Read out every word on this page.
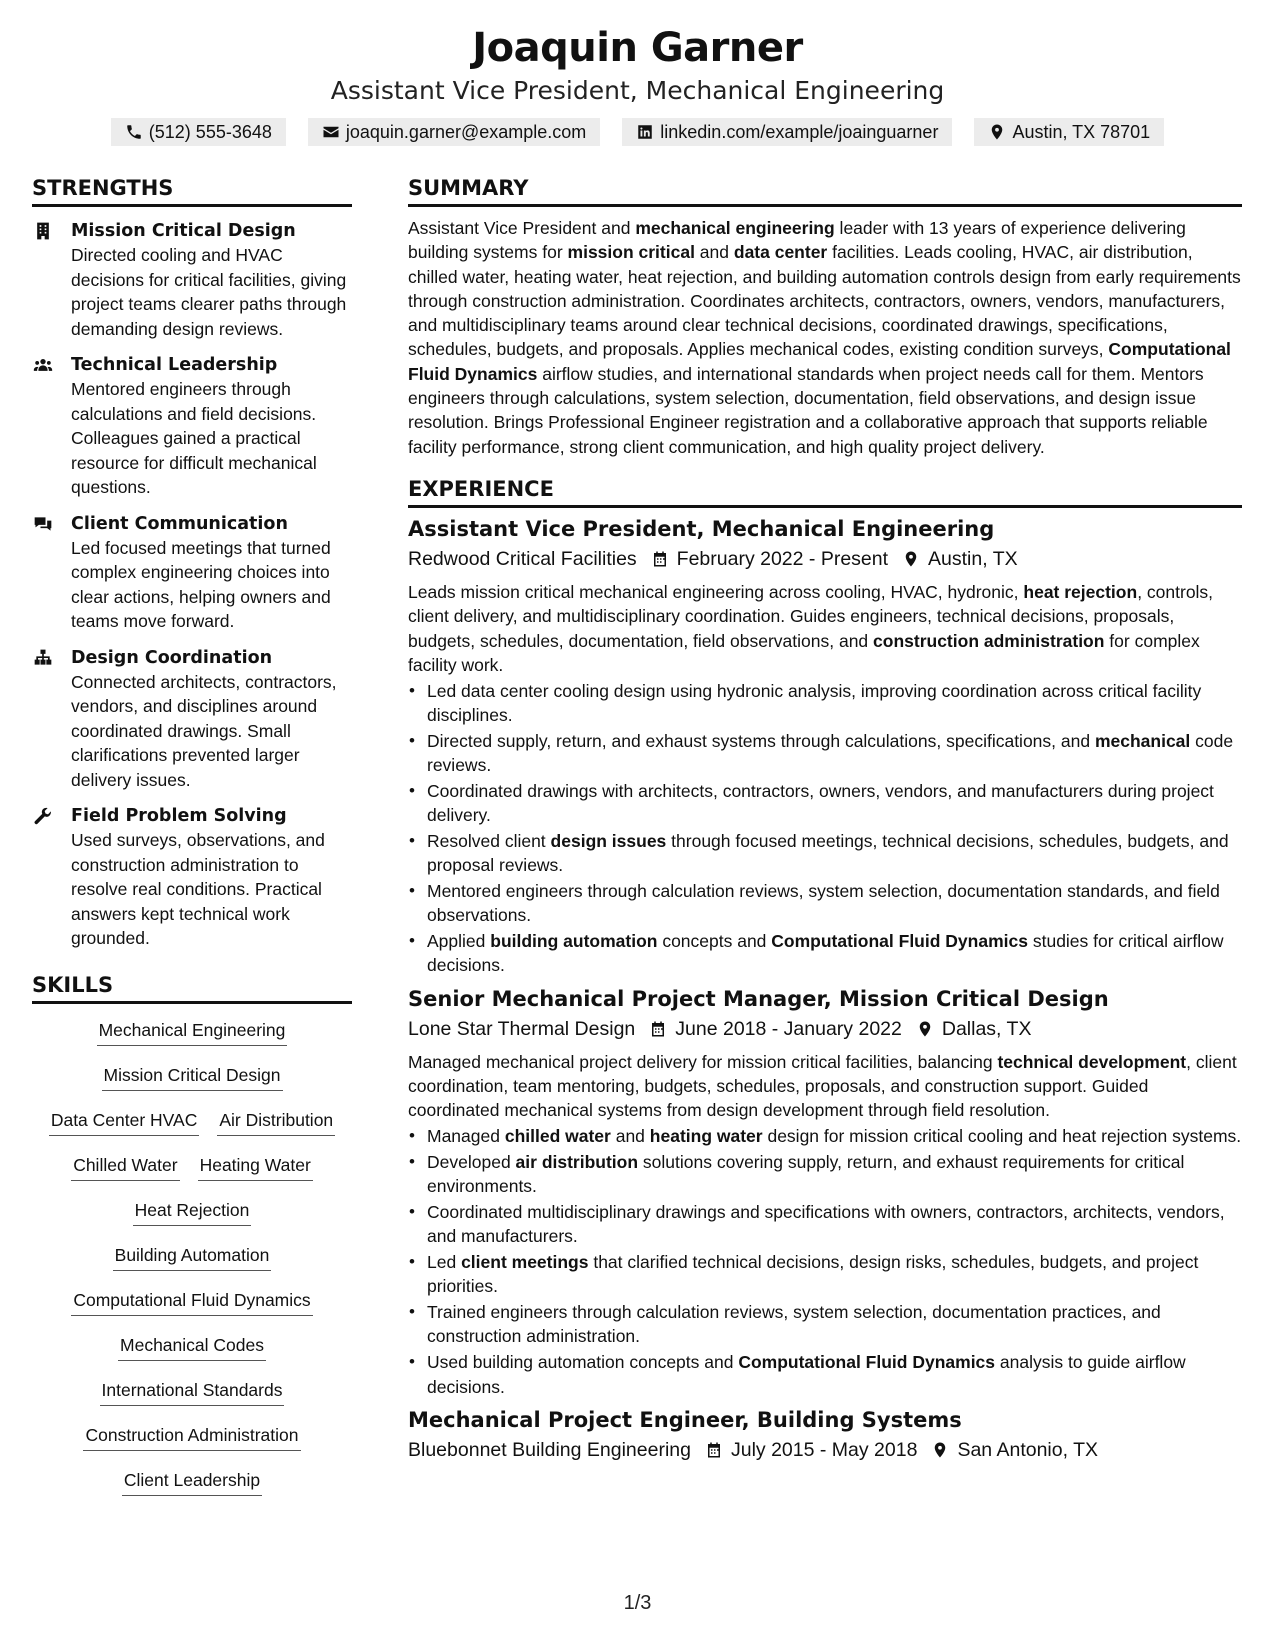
Joaquin Garner
Assistant Vice President, Mechanical Engineering
(512) 555-3648	joaquin.garner@example.com	linkedin.com/example/joainguarner	Austin, TX 78701
STRENGTHS
Mission Critical Design
Directed cooling and HVAC decisions for critical facilities, giving project teams clearer paths through demanding design reviews.
Technical Leadership
Mentored engineers through calculations and field decisions. Colleagues gained a practical resource for difficult mechanical questions.
Client Communication
Led focused meetings that turned complex engineering choices into clear actions, helping owners and teams move forward.
Design Coordination
Connected architects, contractors, vendors, and disciplines around coordinated drawings. Small clarifications prevented larger delivery issues.
Field Problem Solving
Used surveys, observations, and construction administration to resolve real conditions. Practical answers kept technical work grounded.
SKILLS
Mechanical Engineering
Mission Critical Design
Data Center HVAC Air Distribution
Chilled Water Heating Water
Heat Rejection
Building Automation
Computational Fluid Dynamics
Mechanical Codes
International Standards
Construction Administration
Client Leadership
SUMMARY
Assistant Vice President and mechanical engineering leader with 13 years of experience delivering building systems for mission critical and data center facilities. Leads cooling, HVAC, air distribution, chilled water, heating water, heat rejection, and building automation controls design from early requirements through construction administration. Coordinates architects, contractors, owners, vendors, manufacturers, and multidisciplinary teams around clear technical decisions, coordinated drawings, specifications, schedules, budgets, and proposals. Applies mechanical codes, existing condition surveys, Computational Fluid Dynamics airflow studies, and international standards when project needs call for them. Mentors engineers through calculations, system selection, documentation, field observations, and design issue resolution. Brings Professional Engineer registration and a collaborative approach that supports reliable facility performance, strong client communication, and high quality project delivery.
EXPERIENCE
Assistant Vice President, Mechanical Engineering
Redwood Critical Facilities February 2022 - Present Austin, TX
Leads mission critical mechanical engineering across cooling, HVAC, hydronic, heat rejection, controls, client delivery, and multidisciplinary coordination. Guides engineers, technical decisions, proposals, budgets, schedules, documentation, field observations, and construction administration for complex facility work.
• Led data center cooling design using hydronic analysis, improving coordination across critical facility disciplines.
• Directed supply, return, and exhaust systems through calculations, specifications, and mechanical code reviews.
• Coordinated drawings with architects, contractors, owners, vendors, and manufacturers during project delivery.
• Resolved client design issues through focused meetings, technical decisions, schedules, budgets, and proposal reviews.
• Mentored engineers through calculation reviews, system selection, documentation standards, and field observations.
• Applied building automation concepts and Computational Fluid Dynamics studies for critical airflow decisions.
Senior Mechanical Project Manager, Mission Critical Design
Lone Star Thermal Design June 2018 - January 2022 Dallas, TX
Managed mechanical project delivery for mission critical facilities, balancing technical development, client coordination, team mentoring, budgets, schedules, proposals, and construction support. Guided coordinated mechanical systems from design development through field resolution.
• Managed chilled water and heating water design for mission critical cooling and heat rejection systems.
• Developed air distribution solutions covering supply, return, and exhaust requirements for critical environments.
• Coordinated multidisciplinary drawings and specifications with owners, contractors, architects, vendors, and manufacturers.
• Led client meetings that clarified technical decisions, design risks, schedules, budgets, and project priorities.
• Trained engineers through calculation reviews, system selection, documentation practices, and construction administration.
• Used building automation concepts and Computational Fluid Dynamics analysis to guide airflow decisions.
Mechanical Project Engineer, Building Systems
Bluebonnet Building Engineering July 2015 - May 2018 San Antonio, TX
1/3
